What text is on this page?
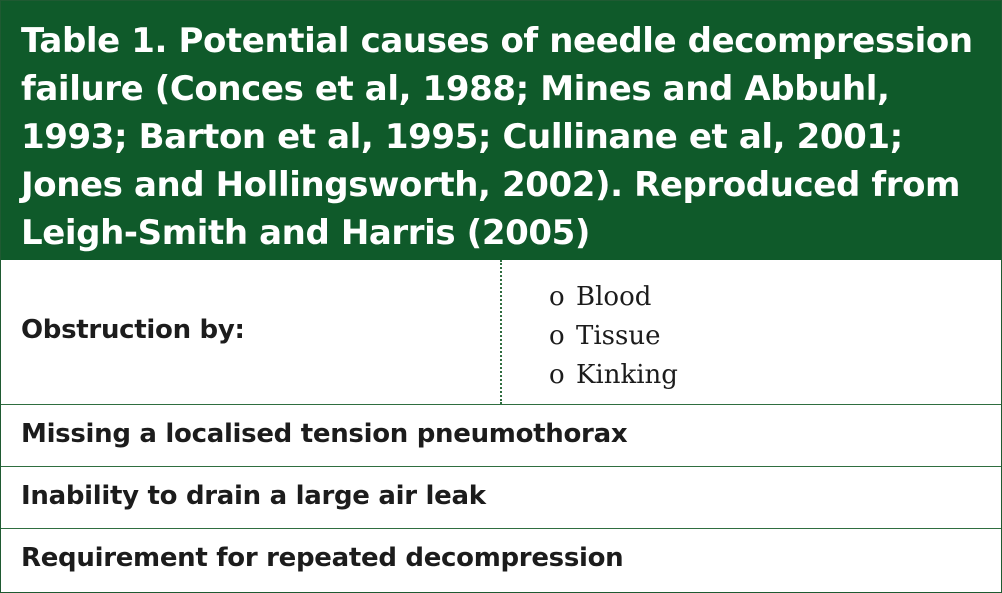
Table 1. Potential causes of needle decompression failure (Conces et al, 1988; Mines and Abbuhl, 1993; Barton et al, 1995; Cullinane et al, 2001; Jones and Hollingsworth, 2002). Reproduced from Leigh-Smith and Harris (2005)

Obstruction by:
o Blood
o Tissue
o Kinking
Missing a localised tension pneumothorax
Inability to drain a large air leak
Requirement for repeated decompression
